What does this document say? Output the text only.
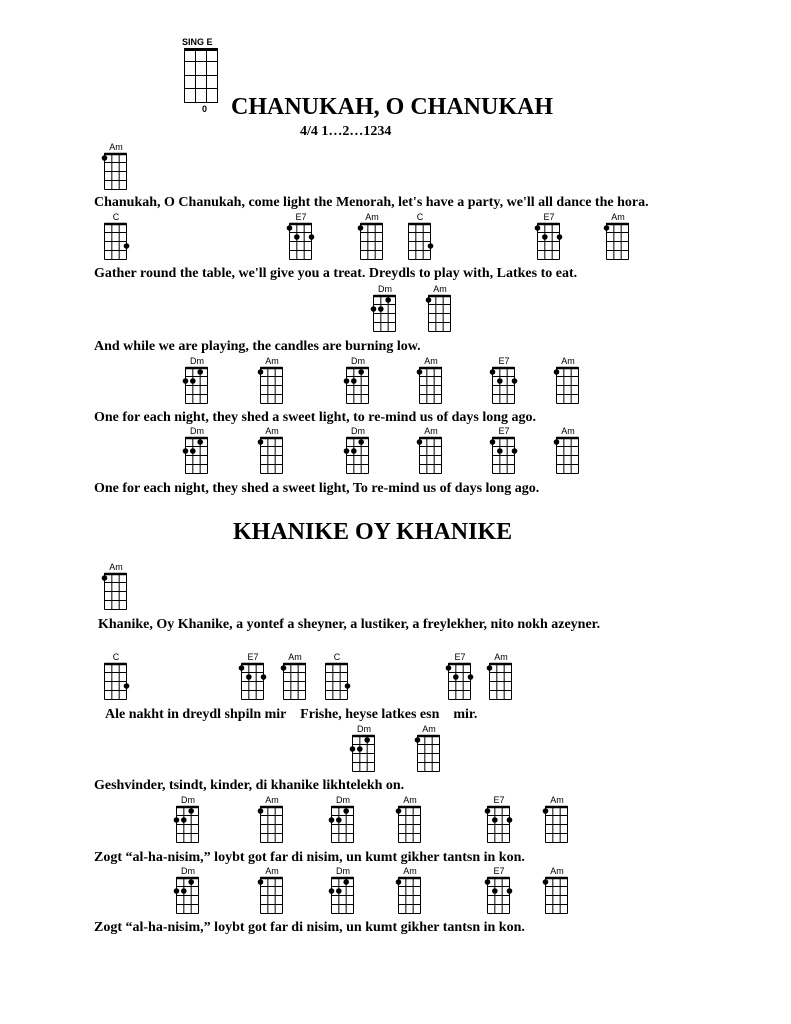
SING E
0 CHANUKAH, O CHANUKAH
4/4 1…2…1234
Chanukah, O Chanukah, come light the Menorah, let's have a party, we'll all dance the hora.
Gather round the table, we'll give you a treat. Dreydls to play with, Latkes to eat.
And while we are playing, the candles are burning low.
One for each night, they shed a sweet light, to re-mind us of days long ago.
One for each night, they shed a sweet light, To re-mind us of days long ago.
KHANIKE OY KHANIKE
Khanike, Oy Khanike, a yontef a sheyner, a lustiker, a freylekher, nito nokh azeyner.
Ale nakht in dreydl shpiln mir    Frishe, heyse latkes esn    mir.
Geshvinder, tsindt, kinder, di khanike likhtelekh on.
Zogt “al-ha-nisim,” loybt got far di nisim, un kumt gikher tantsn in kon.
Zogt “al-ha-nisim,” loybt got far di nisim, un kumt gikher tantsn in kon.
Am
C	E7	Am	C	E7	Am
Dm	Am
Dm	Am	Dm	Am	E7	Am
Dm	Am	Dm	Am	E7	Am
Am
C	E7	Am	C	E7	Am
Dm	Am
Dm	Am	Dm	Am	E7	Am
Dm	Am	Dm	Am	E7	Am
